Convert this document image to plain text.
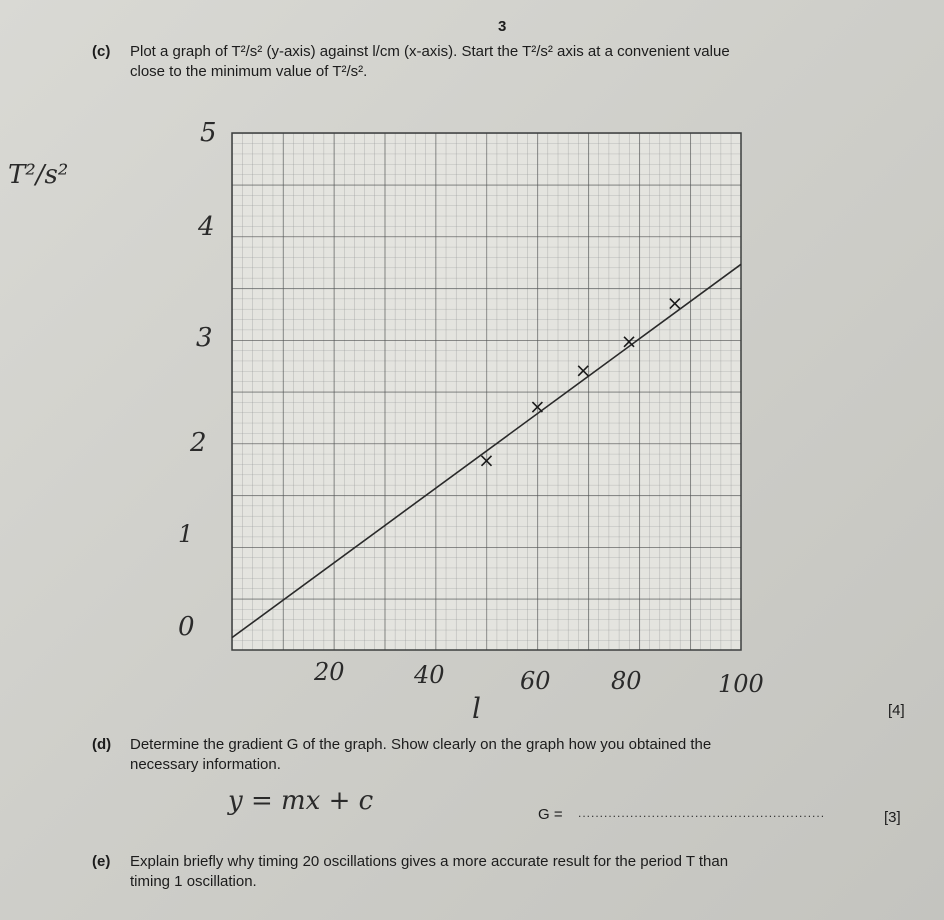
3
(c) Plot a graph of T²/s² (y-axis) against l/cm (x-axis). Start the T²/s² axis at a convenient value
close to the minimum value of T²/s².
T²/s²
5
4
3
2
1
0
20	40	60	80	100
l	[4]
(d) Determine the gradient G of the graph. Show clearly on the graph how you obtained the
necessary information.
y = mx + c	G = .........................................................	[3]
(e) Explain briefly why timing 20 oscillations gives a more accurate result for the period T than
timing 1 oscillation.
